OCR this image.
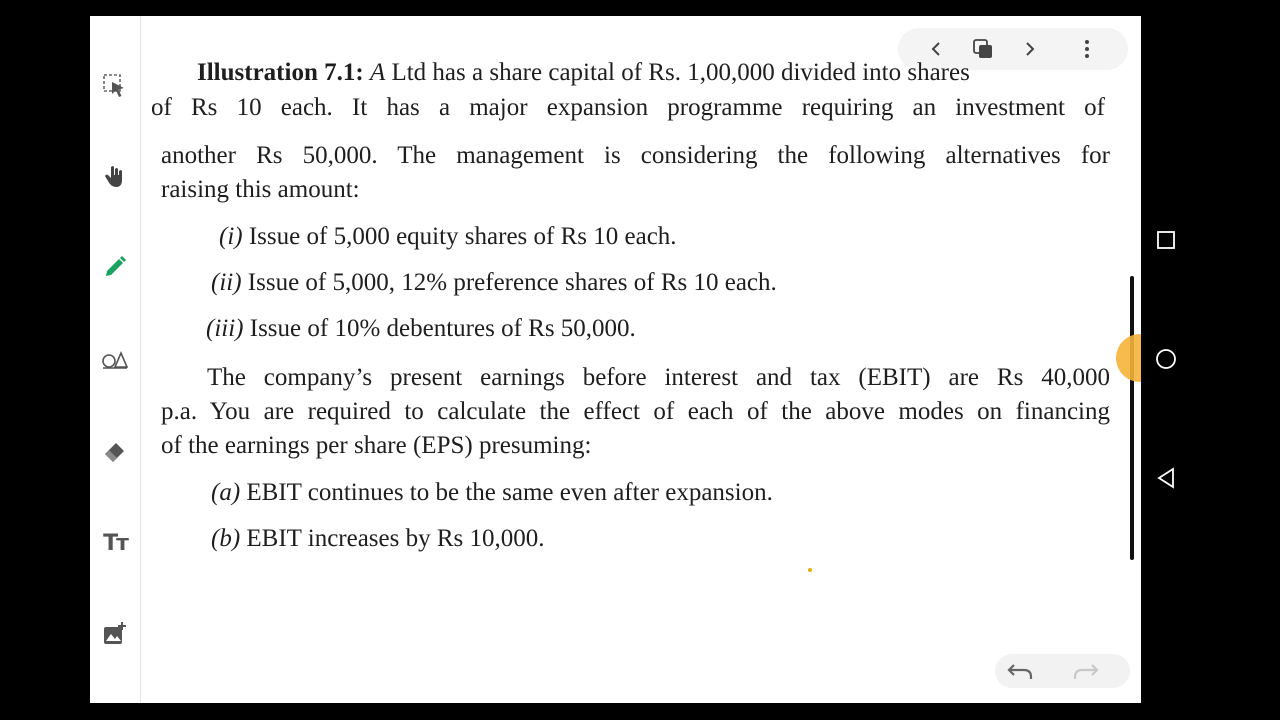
Tт
Illustration 7.1: A Ltd has a share capital of Rs. 1,00,000 divided into shares
of Rs 10 each. It has a major expansion programme requiring an investment of
another Rs 50,000. The management is considering the following alternatives for
raising this amount:
(i) Issue of 5,000 equity shares of Rs 10 each.
(ii) Issue of 5,000, 12% preference shares of Rs 10 each.
(iii) Issue of 10% debentures of Rs 50,000.
The company’s present earnings before interest and tax (EBIT) are Rs 40,000
p.a. You are required to calculate the effect of each of the above modes on financing
of the earnings per share (EPS) presuming:
(a) EBIT continues to be the same even after expansion.
(b) EBIT increases by Rs 10,000.
